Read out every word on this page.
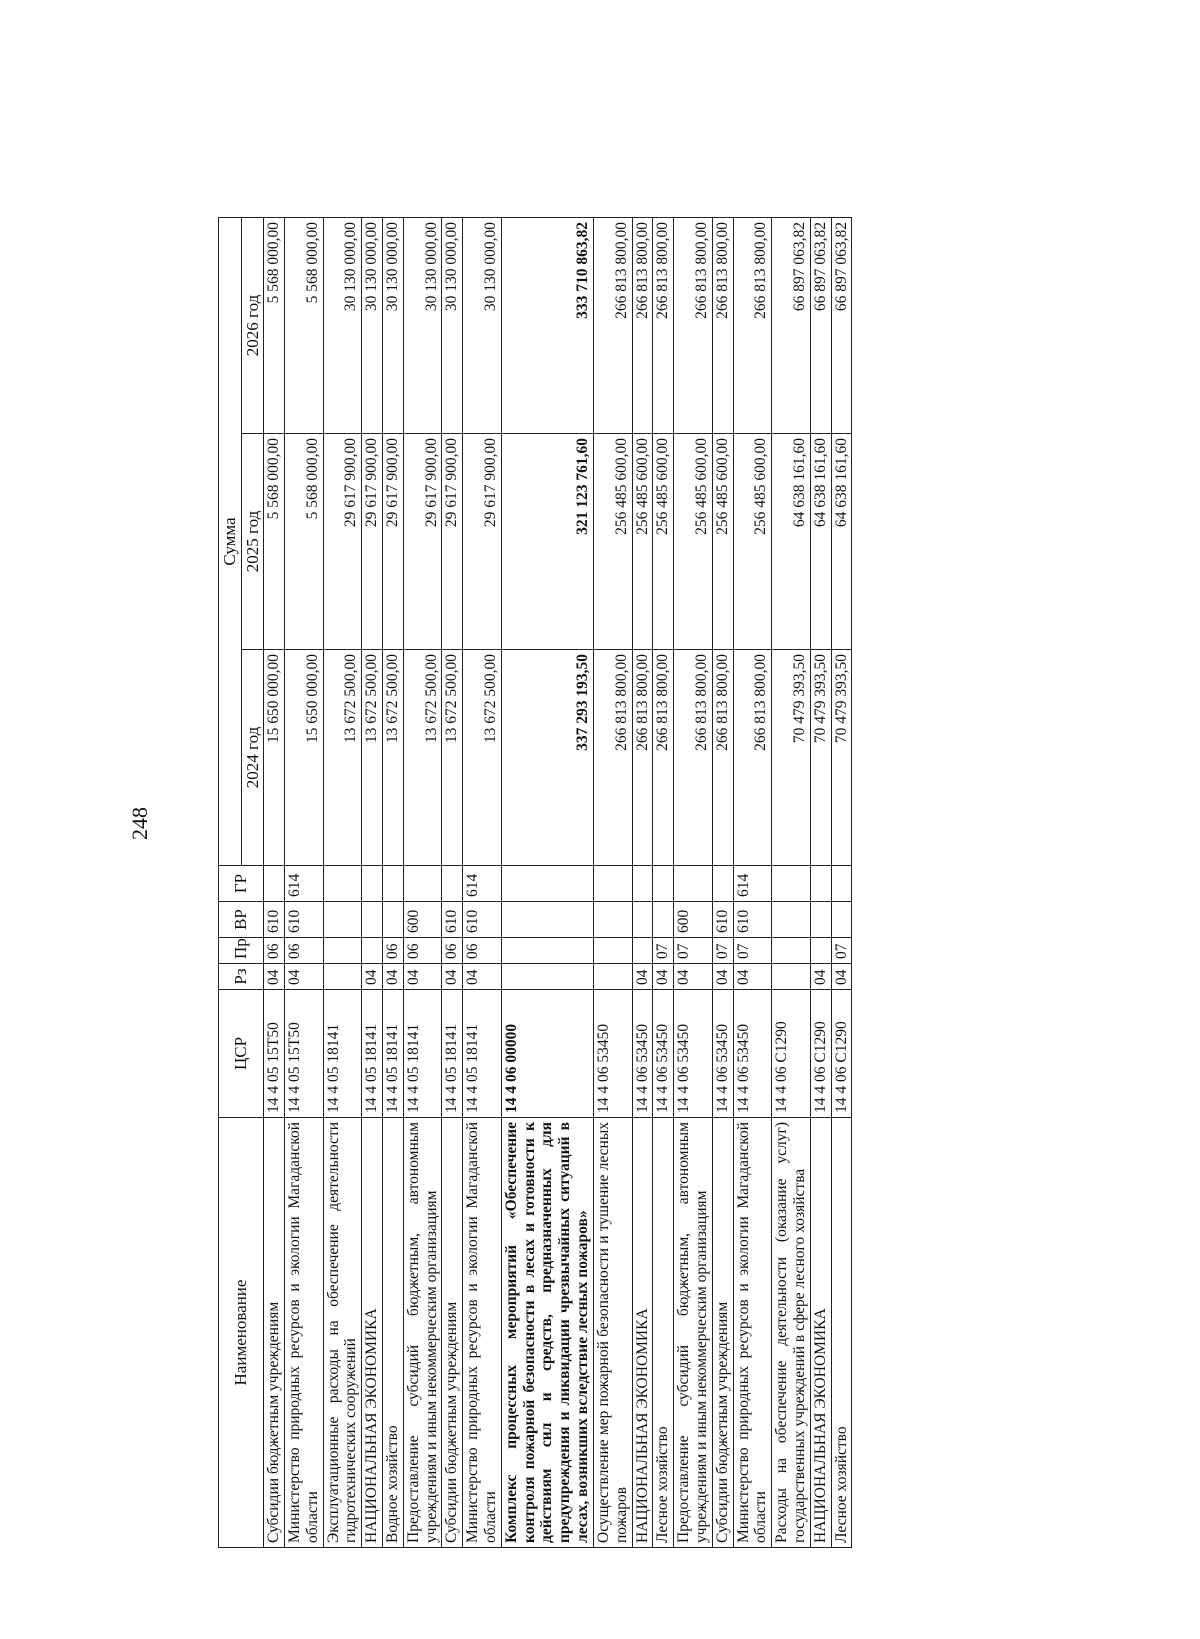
248
Наименование	ЦСР	Рз	Пр	ВР	ГР	Сумма		
						2024 год	2025 год	2026 год
Субсидии бюджетным учреждениям	14 4 05 15Т50	04	06	610		15 650 000,00	5 568 000,00	5 568 000,00
Министерство природных ресурсов и экологии Магаданской области	14 4 05 15Т50	04	06	610	614	15 650 000,00	5 568 000,00	5 568 000,00
Эксплуатационные расходы на обеспечение деятельности гидротехнических сооружений	14 4 05 18141					13 672 500,00	29 617 900,00	30 130 000,00
НАЦИОНАЛЬНАЯ ЭКОНОМИКА	14 4 05 18141	04				13 672 500,00	29 617 900,00	30 130 000,00
Водное хозяйство	14 4 05 18141	04	06			13 672 500,00	29 617 900,00	30 130 000,00
Предоставление субсидий бюджетным, автономным учреждениям и иным некоммерческим организациям	14 4 05 18141	04	06	600		13 672 500,00	29 617 900,00	30 130 000,00
Субсидии бюджетным учреждениям	14 4 05 18141	04	06	610		13 672 500,00	29 617 900,00	30 130 000,00
Министерство природных ресурсов и экологии Магаданской области	14 4 05 18141	04	06	610	614	13 672 500,00	29 617 900,00	30 130 000,00
Комплекс процессных мероприятий «Обеспечение контроля пожарной безопасности в лесах и готовности к действиям сил и средств, предназначенных для предупреждения и ликвидации чрезвычайных ситуаций в лесах, возникших вследствие лесных пожаров»	14 4 06 00000					337 293 193,50	321 123 761,60	333 710 863,82
Осуществление мер пожарной безопасности и тушение лесных пожаров	14 4 06 53450					266 813 800,00	256 485 600,00	266 813 800,00
НАЦИОНАЛЬНАЯ ЭКОНОМИКА	14 4 06 53450	04				266 813 800,00	256 485 600,00	266 813 800,00
Лесное хозяйство	14 4 06 53450	04	07			266 813 800,00	256 485 600,00	266 813 800,00
Предоставление субсидий бюджетным, автономным учреждениям и иным некоммерческим организациям	14 4 06 53450	04	07	600		266 813 800,00	256 485 600,00	266 813 800,00
Субсидии бюджетным учреждениям	14 4 06 53450	04	07	610		266 813 800,00	256 485 600,00	266 813 800,00
Министерство природных ресурсов и экологии Магаданской области	14 4 06 53450	04	07	610	614	266 813 800,00	256 485 600,00	266 813 800,00
Расходы на обеспечение деятельности (оказание услуг) государственных учреждений в сфере лесного хозяйства	14 4 06 С1290					70 479 393,50	64 638 161,60	66 897 063,82
НАЦИОНАЛЬНАЯ ЭКОНОМИКА	14 4 06 С1290	04				70 479 393,50	64 638 161,60	66 897 063,82
Лесное хозяйство	14 4 06 С1290	04	07			70 479 393,50	64 638 161,60	66 897 063,82
